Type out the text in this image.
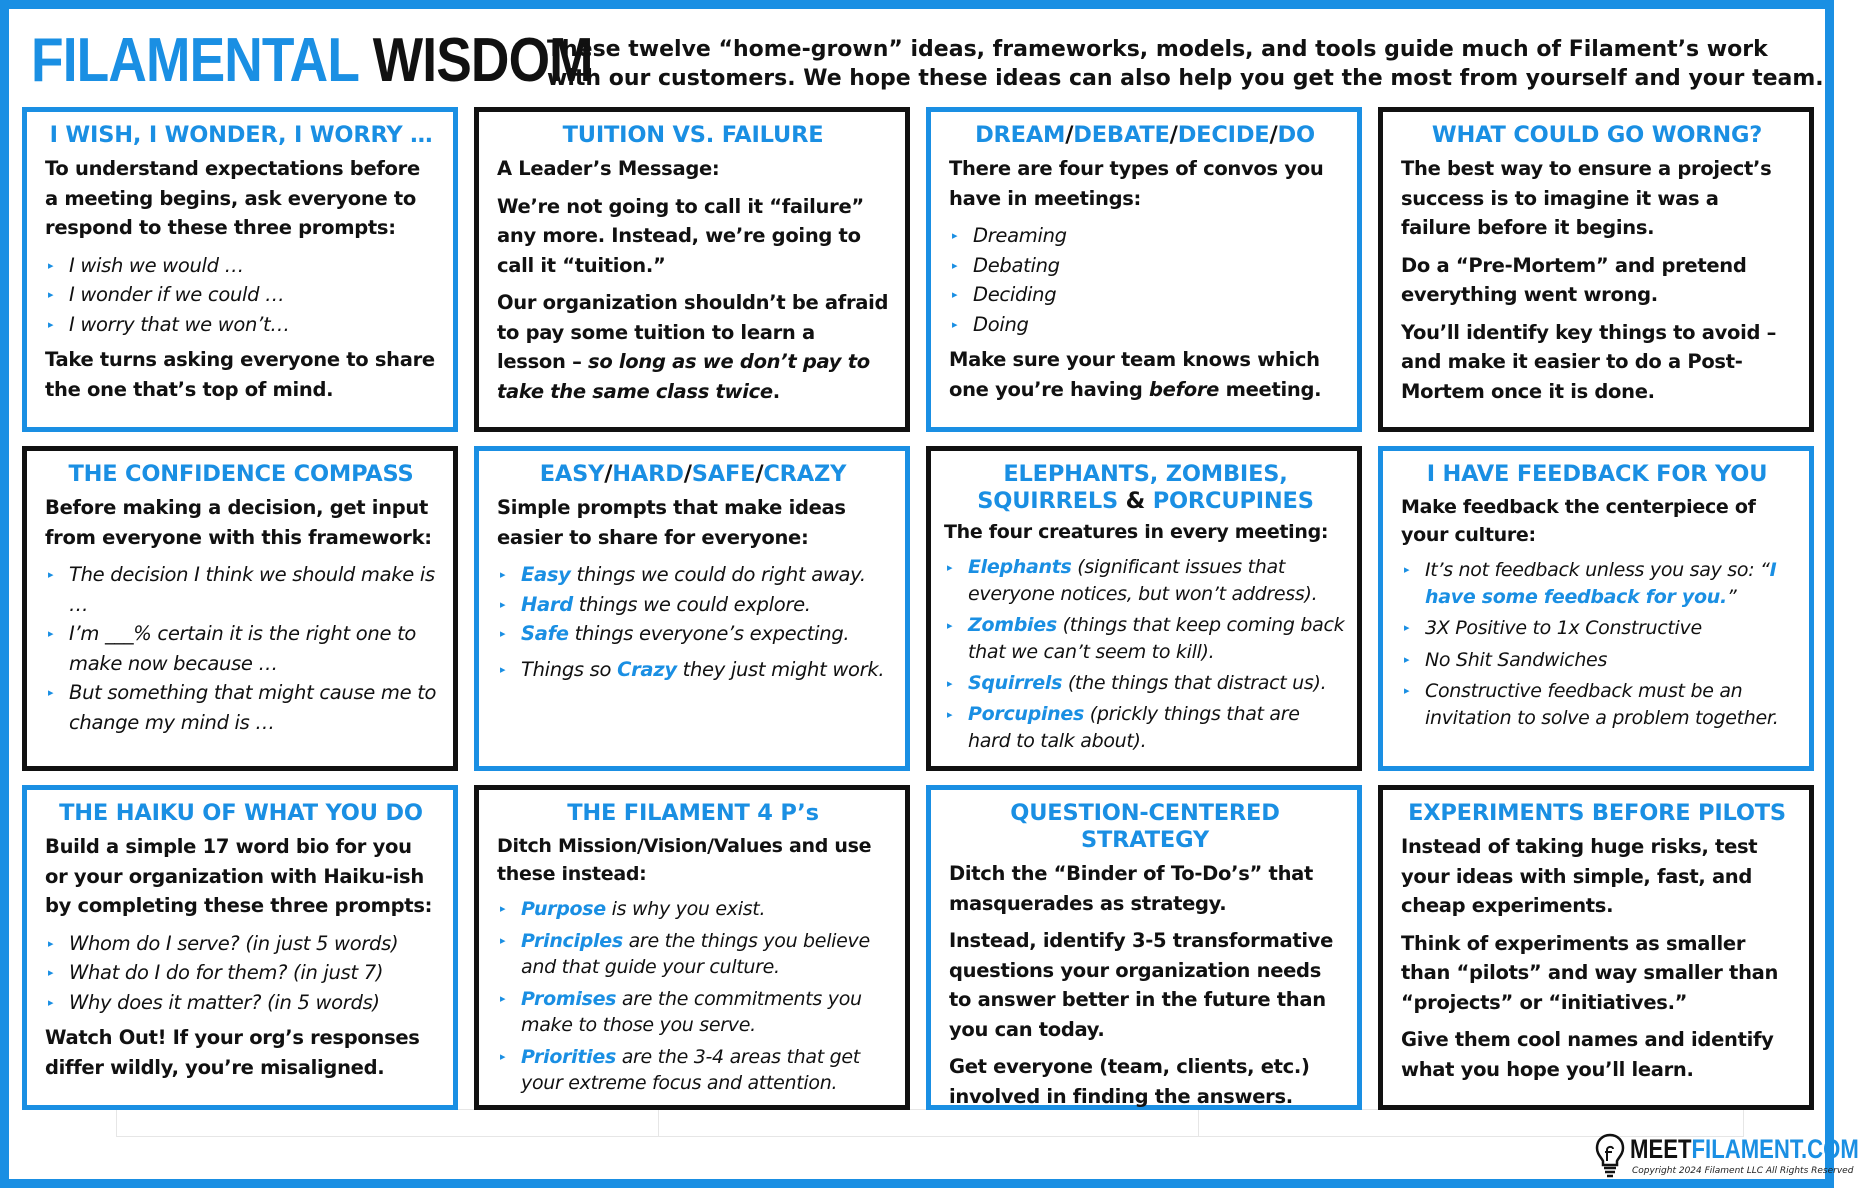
FILAMENTAL WISDOM
These twelve “home-grown” ideas, frameworks, models, and tools guide much of Filament’s work with our customers. We hope these ideas can also help you get the most from yourself and your team.
I WISH, I WONDER, I WORRY …

To understand expectations before a meeting begins, ask everyone to respond to these three prompts:

▸ I wish we would …
▸ I wonder if we could …
▸ I worry that we won’t…

Take turns asking everyone to share the one that’s top of mind.

TUITION VS. FAILURE

A Leader’s Message:

We’re not going to call it “failure” any more. Instead, we’re going to call it “tuition.”

Our organization shouldn’t be afraid to pay some tuition to learn a lesson – so long as we don’t pay to take the same class twice.

DREAM/DEBATE/DECIDE/DO

There are four types of convos you have in meetings:

▸ Dreaming
▸ Debating
▸ Deciding
▸ Doing

Make sure your team knows which one you’re having before meeting.

WHAT COULD GO WORNG?

The best way to ensure a project’s success is to imagine it was a failure before it begins.

Do a “Pre-Mortem” and pretend everything went wrong.

You’ll identify key things to avoid – and make it easier to do a Post-Mortem once it is done.

THE CONFIDENCE COMPASS

Before making a decision, get input from everyone with this framework:

▸ The decision I think we should make is …
▸ I’m ___% certain it is the right one to make now because …
▸ But something that might cause me to change my mind is …
EASY/HARD/SAFE/CRAZY

Simple prompts that make ideas easier to share for everyone:

▸ Easy things we could do right away.
▸ Hard things we could explore.
▸ Safe things everyone’s expecting.
▸ Things so Crazy they just might work.
ELEPHANTS, ZOMBIES,
SQUIRRELS & PORCUPINES

The four creatures in every meeting:

▸ Elephants (significant issues that everyone notices, but won’t address).
▸ Zombies (things that keep coming back that we can’t seem to kill).
▸ Squirrels (the things that distract us).
▸ Porcupines (prickly things that are hard to talk about).
I HAVE FEEDBACK FOR YOU

Make feedback the centerpiece of your culture:

▸ It’s not feedback unless you say so: “I have some feedback for you.”
▸ 3X Positive to 1x Constructive
▸ No Shit Sandwiches
▸ Constructive feedback must be an invitation to solve a problem together.
THE HAIKU OF WHAT YOU DO

Build a simple 17 word bio for you or your organization with Haiku-ish by completing these three prompts:

▸ Whom do I serve? (in just 5 words)
▸ What do I do for them? (in just 7)
▸ Why does it matter? (in 5 words)

Watch Out! If your org’s responses differ wildly, you’re misaligned.

THE FILAMENT 4 P’s

Ditch Mission/Vision/Values and use these instead:

▸ Purpose is why you exist.
▸ Principles are the things you believe and that guide your culture.
▸ Promises are the commitments you make to those you serve.
▸ Priorities are the 3-4 areas that get your extreme focus and attention.
QUESTION-CENTERED STRATEGY

Ditch the “Binder of To-Do’s” that masquerades as strategy.

Instead, identify 3-5 transformative questions your organization needs to answer better in the future than you can today.

Get everyone (team, clients, etc.) involved in finding the answers.

EXPERIMENTS BEFORE PILOTS

Instead of taking huge risks, test your ideas with simple, fast, and cheap experiments.

Think of experiments as smaller than “pilots” and way smaller than “projects” or “initiatives.”

Give them cool names and identify what you hope you’ll learn.

MEETFILAMENT.COM
Copyright 2024 Filament LLC All Rights Reserved
